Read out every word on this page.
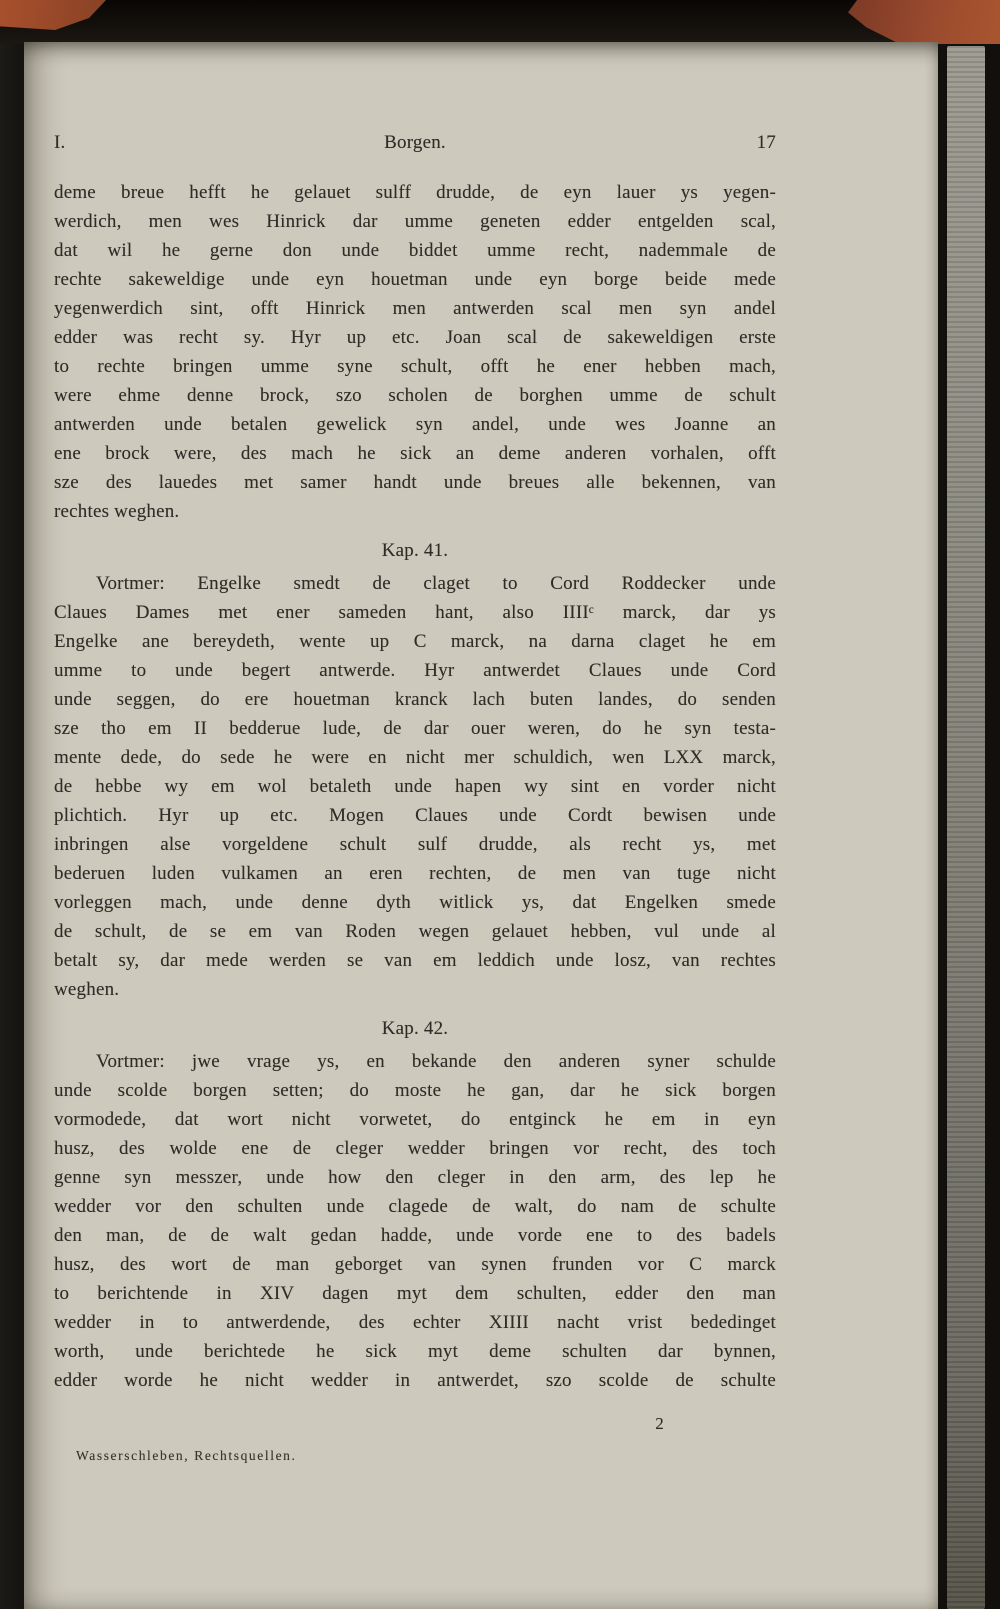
I.	Borgen.	17
deme breue hefft he gelauet sulff drudde, de eyn lauer ys yegen-
werdich, men wes Hinrick dar umme geneten edder entgelden scal,
dat wil he gerne don unde biddet umme recht, nademmale de
rechte sakeweldige unde eyn houetman unde eyn borge beide mede
yegenwerdich sint, offt Hinrick men antwerden scal men syn andel
edder was recht sy. Hyr up etc. Joan scal de sakeweldigen erste
to rechte bringen umme syne schult, offt he ener hebben mach,
were ehme denne brock, szo scholen de borghen umme de schult
antwerden unde betalen gewelick syn andel, unde wes Joanne an
ene brock were, des mach he sick an deme anderen vorhalen, offt
sze des lauedes met samer handt unde breues alle bekennen, van
rechtes weghen.
Kap. 41.
Vortmer: Engelke smedt de claget to Cord Roddecker unde
Claues Dames met ener sameden hant, also IIIIᶜ marck, dar ys
Engelke ane bereydeth, wente up C marck, na darna claget he em
umme to unde begert antwerde. Hyr antwerdet Claues unde Cord
unde seggen, do ere houetman kranck lach buten landes, do senden
sze tho em II bedderue lude, de dar ouer weren, do he syn testa-
mente dede, do sede he were en nicht mer schuldich, wen LXX marck,
de hebbe wy em wol betaleth unde hapen wy sint en vorder nicht
plichtich. Hyr up etc. Mogen Claues unde Cordt bewisen unde
inbringen alse vorgeldene schult sulf drudde, als recht ys, met
bederuen luden vulkamen an eren rechten, de men van tuge nicht
vorleggen mach, unde denne dyth witlick ys, dat Engelken smede
de schult, de se em van Roden wegen gelauet hebben, vul unde al
betalt sy, dar mede werden se van em leddich unde losz, van rechtes
weghen.
Kap. 42.
Vortmer: jwe vrage ys, en bekande den anderen syner schulde
unde scolde borgen setten; do moste he gan, dar he sick borgen
vormodede, dat wort nicht vorwetet, do entginck he em in eyn
husz, des wolde ene de cleger wedder bringen vor recht, des toch
genne syn messzer, unde how den cleger in den arm, des lep he
wedder vor den schulten unde clagede de walt, do nam de schulte
den man, de de walt gedan hadde, unde vorde ene to des badels
husz, des wort de man geborget van synen frunden vor C marck
to berichtende in XIV dagen myt dem schulten, edder den man
wedder in to antwerdende, des echter XIIII nacht vrist bededinget
worth, unde berichtede he sick myt deme schulten dar bynnen,
edder worde he nicht wedder in antwerdet, szo scolde de schulte
2
Wasserschleben, Rechtsquellen.
